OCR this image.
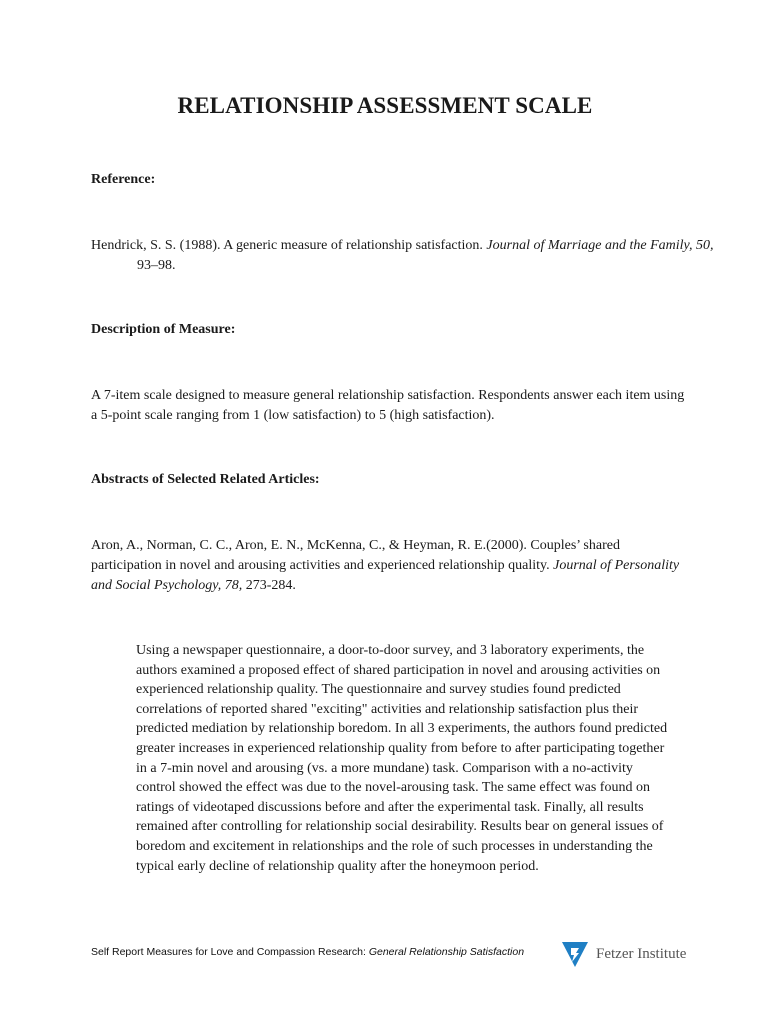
RELATIONSHIP ASSESSMENT SCALE
Reference:
Hendrick, S. S. (1988). A generic measure of relationship satisfaction. Journal of Marriage and the Family, 50, 93–98.
Description of Measure:
A 7-item scale designed to measure general relationship satisfaction. Respondents answer each item using a 5-point scale ranging from 1 (low satisfaction) to 5 (high satisfaction).
Abstracts of Selected Related Articles:
Aron, A., Norman, C. C., Aron, E. N., McKenna, C., & Heyman, R. E.(2000). Couples’ shared participation in novel and arousing activities and experienced relationship quality. Journal of Personality and Social Psychology, 78, 273-284.
Using a newspaper questionnaire, a door-to-door survey, and 3 laboratory experiments, the authors examined a proposed effect of shared participation in novel and arousing activities on experienced relationship quality. The questionnaire and survey studies found predicted correlations of reported shared "exciting" activities and relationship satisfaction plus their predicted mediation by relationship boredom. In all 3 experiments, the authors found predicted greater increases in experienced relationship quality from before to after participating together in a 7-min novel and arousing (vs. a more mundane) task. Comparison with a no-activity control showed the effect was due to the novel-arousing task. The same effect was found on ratings of videotaped discussions before and after the experimental task. Finally, all results remained after controlling for relationship social desirability. Results bear on general issues of boredom and excitement in relationships and the role of such processes in understanding the typical early decline of relationship quality after the honeymoon period.
Self Report Measures for Love and Compassion Research: General Relationship Satisfaction	Fetzer Institute
